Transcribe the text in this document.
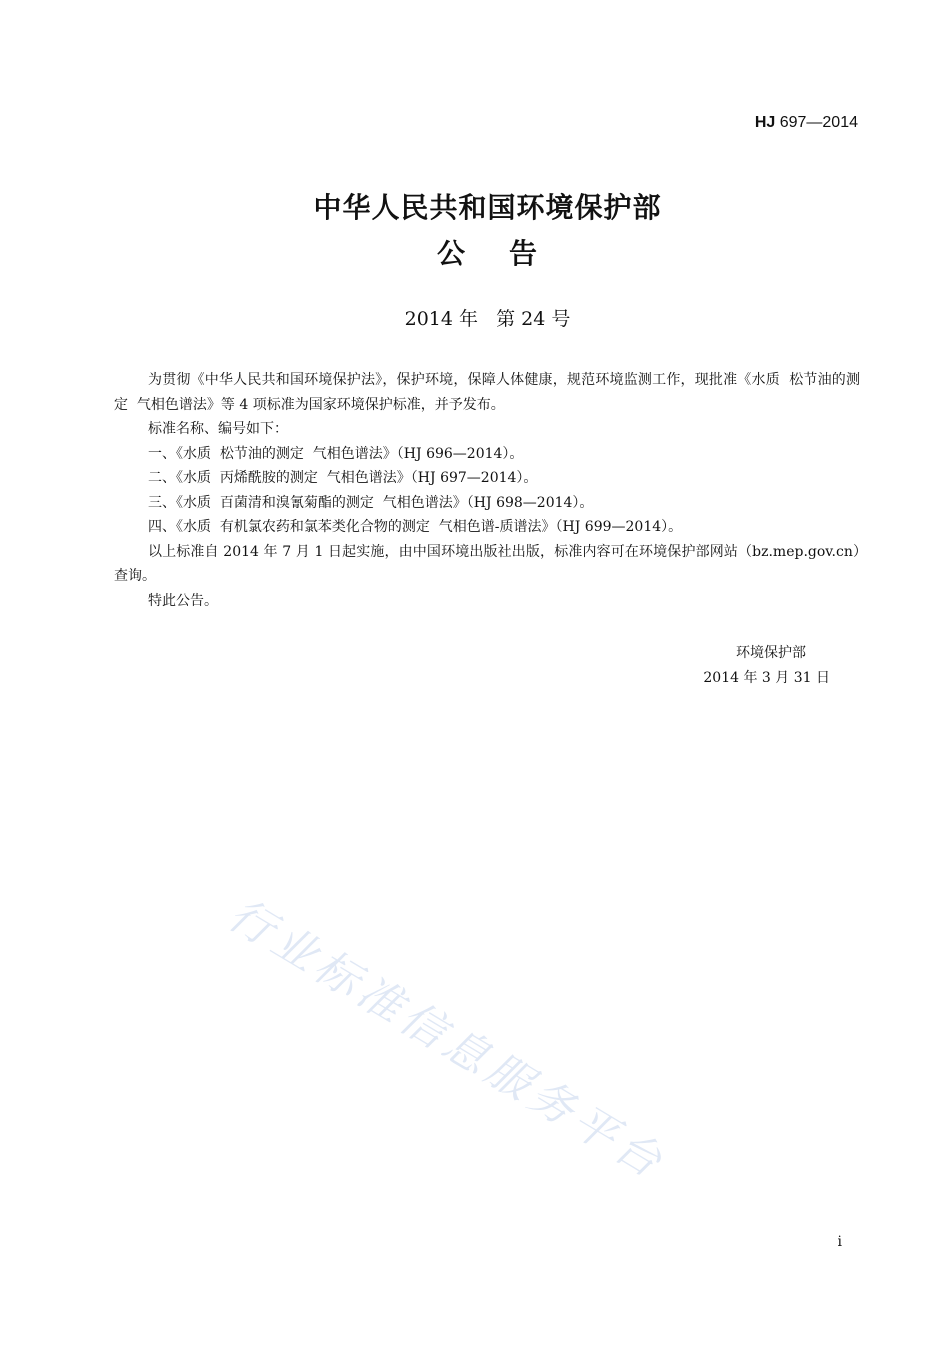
HJ 697—2014
中华人民共和国环境保护部
公    告
2014 年   第 24 号

为贯彻《中华人民共和国环境保护法》，保护环境，保障人体健康，规范环境监测工作，现批准《水质  松节油的测定  气相色谱法》等 4 项标准为国家环境保护标准，并予发布。

标准名称、编号如下：

一、《水质  松节油的测定  气相色谱法》（HJ 696—2014）。

二、《水质  丙烯酰胺的测定  气相色谱法》（HJ 697—2014）。

三、《水质  百菌清和溴氰菊酯的测定  气相色谱法》（HJ 698—2014）。

四、《水质  有机氯农药和氯苯类化合物的测定  气相色谱-质谱法》（HJ 699—2014）。

以上标准自 2014 年 7 月 1 日起实施，由中国环境出版社出版，标准内容可在环境保护部网站（bz.mep.gov.cn）查询。

特此公告。

环境保护部
2014 年 3 月 31 日
行业标准信息服务平台
i
